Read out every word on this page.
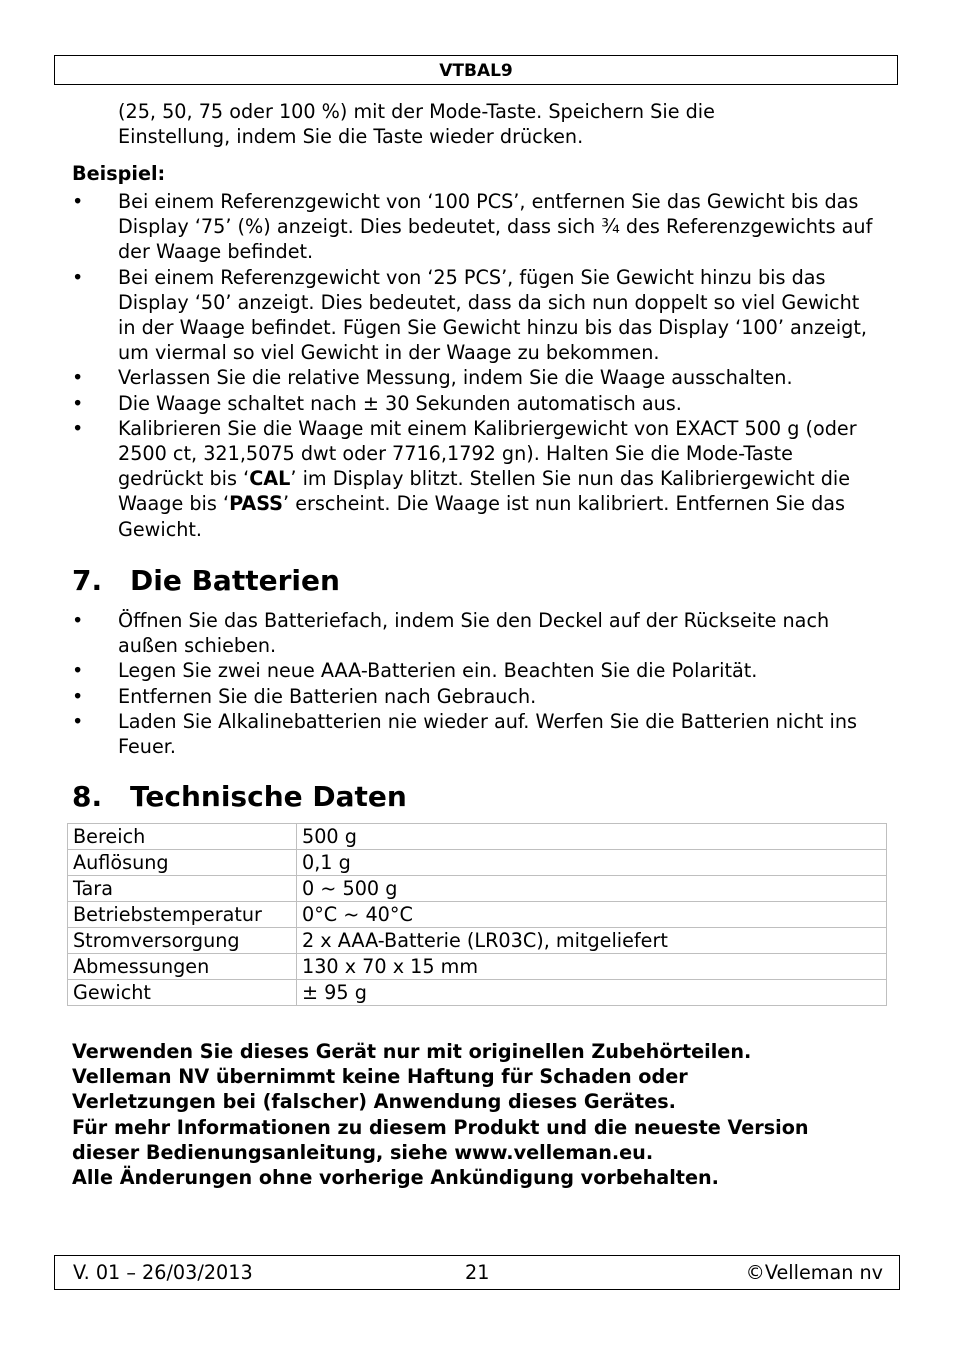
VTBAL9
(25, 50, 75 oder 100 %) mit der Mode-Taste. Speichern Sie die
Einstellung, indem Sie die Taste wieder drücken.
Beispiel:
•	Bei einem Referenzgewicht von ‘100 PCS’, entfernen Sie das Gewicht bis das Display ‘75’ (%) anzeigt. Dies bedeutet, dass sich ¾ des Referenzgewichts auf der Waage befindet.
•	Bei einem Referenzgewicht von ‘25 PCS’, fügen Sie Gewicht hinzu bis das Display ‘50’ anzeigt. Dies bedeutet, dass da sich nun doppelt so viel Gewicht in der Waage befindet. Fügen Sie Gewicht hinzu bis das Display ‘100’ anzeigt, um viermal so viel Gewicht in der Waage zu bekommen.
•	Verlassen Sie die relative Messung, indem Sie die Waage ausschalten.
•	Die Waage schaltet nach ± 30 Sekunden automatisch aus.
•	Kalibrieren Sie die Waage mit einem Kalibriergewicht von EXACT 500 g (oder 2500 ct, 321,5075 dwt oder 7716,1792 gn). Halten Sie die Mode-Taste gedrückt bis ‘CAL’ im Display blitzt. Stellen Sie nun das Kalibriergewicht die Waage bis ‘PASS’ erscheint. Die Waage ist nun kalibriert. Entfernen Sie das Gewicht.
7. Die Batterien
•	Öffnen Sie das Batteriefach, indem Sie den Deckel auf der Rückseite nach außen schieben.
•	Legen Sie zwei neue AAA-Batterien ein. Beachten Sie die Polarität.
•	Entfernen Sie die Batterien nach Gebrauch.
•	Laden Sie Alkalinebatterien nie wieder auf. Werfen Sie die Batterien nicht ins Feuer.
8. Technische Daten
Bereich	500 g
Auflösung	0,1 g
Tara	0 ~ 500 g
Betriebstemperatur	0°C ~ 40°C
Stromversorgung	2 x AAA-Batterie (LR03C), mitgeliefert
Abmessungen	130 x 70 x 15 mm
Gewicht	± 95 g
Verwenden Sie dieses Gerät nur mit originellen Zubehörteilen.
Velleman NV übernimmt keine Haftung für Schaden oder
Verletzungen bei (falscher) Anwendung dieses Gerätes.
Für mehr Informationen zu diesem Produkt und die neueste Version
dieser Bedienungsanleitung, siehe www.velleman.eu.
Alle Änderungen ohne vorherige Ankündigung vorbehalten.
V. 01 – 26/03/2013	21	©Velleman nv
